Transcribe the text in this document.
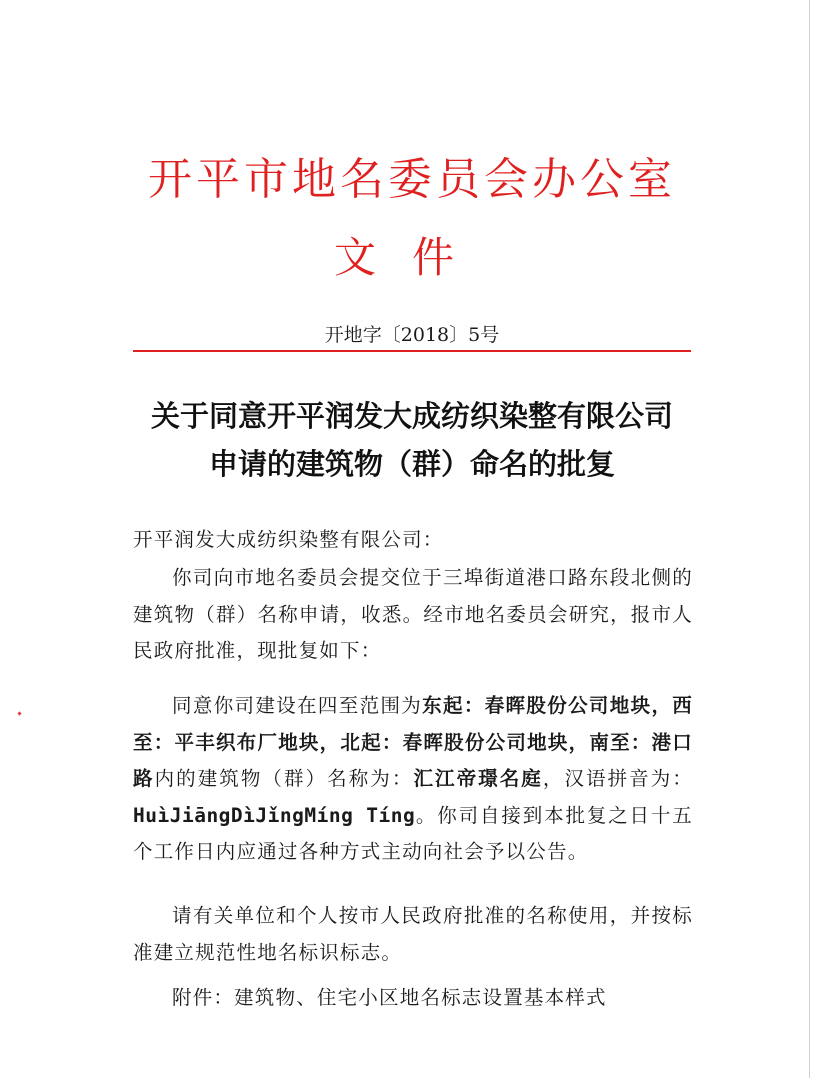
开平市地名委员会办公室
文件
开地字〔2018〕5号
关于同意开平润发大成纺织染整有限公司
申请的建筑物（群）命名的批复
开平润发大成纺织染整有限公司：
你司向市地名委员会提交位于三埠街道港口路东段北侧的建筑物（群）名称申请，收悉。经市地名委员会研究，报市人民政府批准，现批复如下：
同意你司建设在四至范围为东起：春晖股份公司地块，西至：平丰织布厂地块，北起：春晖股份公司地块，南至：港口路内的建筑物（群）名称为：汇江帝璟名庭，汉语拼音为： HuìJiāngDìJǐngMíng Tíng。你司自接到本批复之日十五个工作日内应通过各种方式主动向社会予以公告。
请有关单位和个人按市人民政府批准的名称使用，并按标准建立规范性地名标识标志。
附件：建筑物、住宅小区地名标志设置基本样式
